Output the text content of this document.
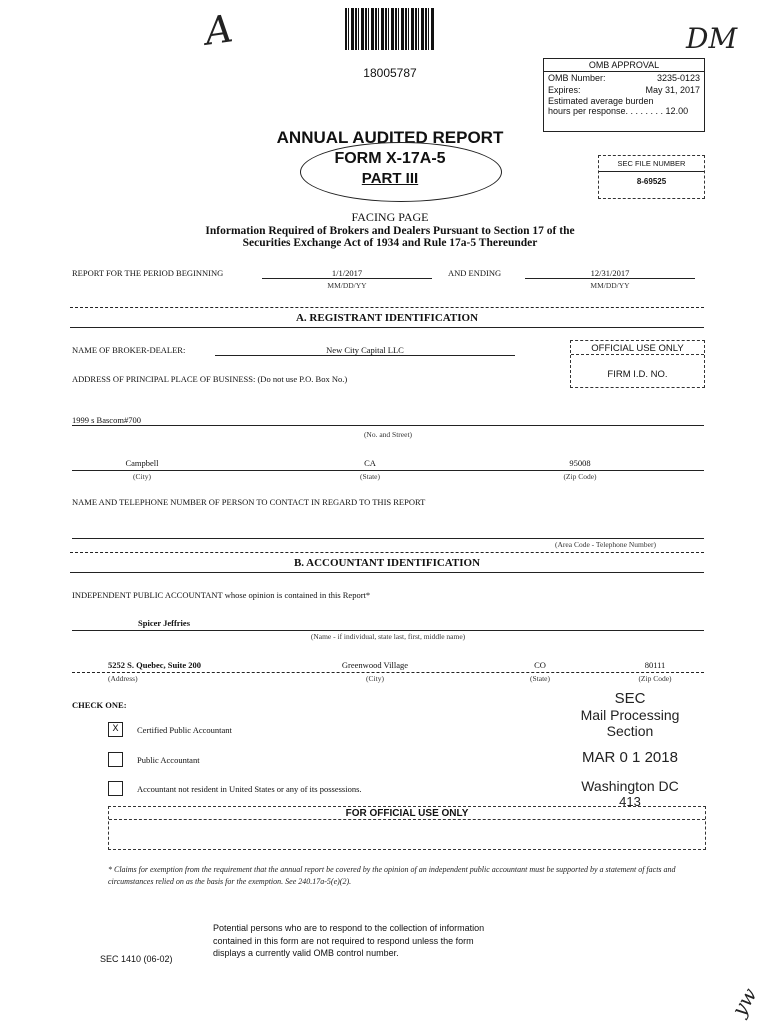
A	DM
18005787
OMB APPROVAL
OMB Number:	3235-0123
Expires:	May 31, 2017
Estimated average burden
hours per response. . . . . . . . 12.00
ANNUAL AUDITED REPORT
FORM X-17A-5
PART III
SEC FILE NUMBER
8-69525
FACING PAGE
Information Required of Brokers and Dealers Pursuant to Section 17 of the
Securities Exchange Act of 1934 and Rule 17a-5 Thereunder
REPORT FOR THE PERIOD BEGINNING	1/1/2017
MM/DD/YY
AND ENDING	12/31/2017
MM/DD/YY
A. REGISTRANT IDENTIFICATION
NAME OF BROKER-DEALER:	New City Capital LLC	OFFICIAL USE ONLY
FIRM I.D. NO.
ADDRESS OF PRINCIPAL PLACE OF BUSINESS: (Do not use P.O. Box No.)
1999 s Bascom#700
(No. and Street)
Campbell	CA	95008
(City)	(State)	(Zip Code)
NAME AND TELEPHONE NUMBER OF PERSON TO CONTACT IN REGARD TO THIS REPORT
(Area Code - Telephone Number)
B. ACCOUNTANT IDENTIFICATION
INDEPENDENT PUBLIC ACCOUNTANT whose opinion is contained in this Report*
Spicer Jeffries
(Name - if individual, state last, first, middle name)
5252 S. Quebec, Suite 200	Greenwood Village	CO	80111
(Address)	(City)	(State)	(Zip Code)
CHECK ONE:
X	Certified Public Accountant
Public Accountant
Accountant not resident in United States or any of its possessions.
SEC
Mail Processing
Section
MAR 0 1 2018
Washington DC
413
FOR OFFICIAL USE ONLY
* Claims for exemption from the requirement that the annual report be covered by the opinion of an independent public accountant must be supported by a statement of facts and circumstances relied on as the basis for the exemption. See 240.17a-5(e)(2).
Potential persons who are to respond to the collection of information
contained in this form are not required to respond unless the form
displays a currently valid OMB control number.
SEC 1410 (06-02)
yw
